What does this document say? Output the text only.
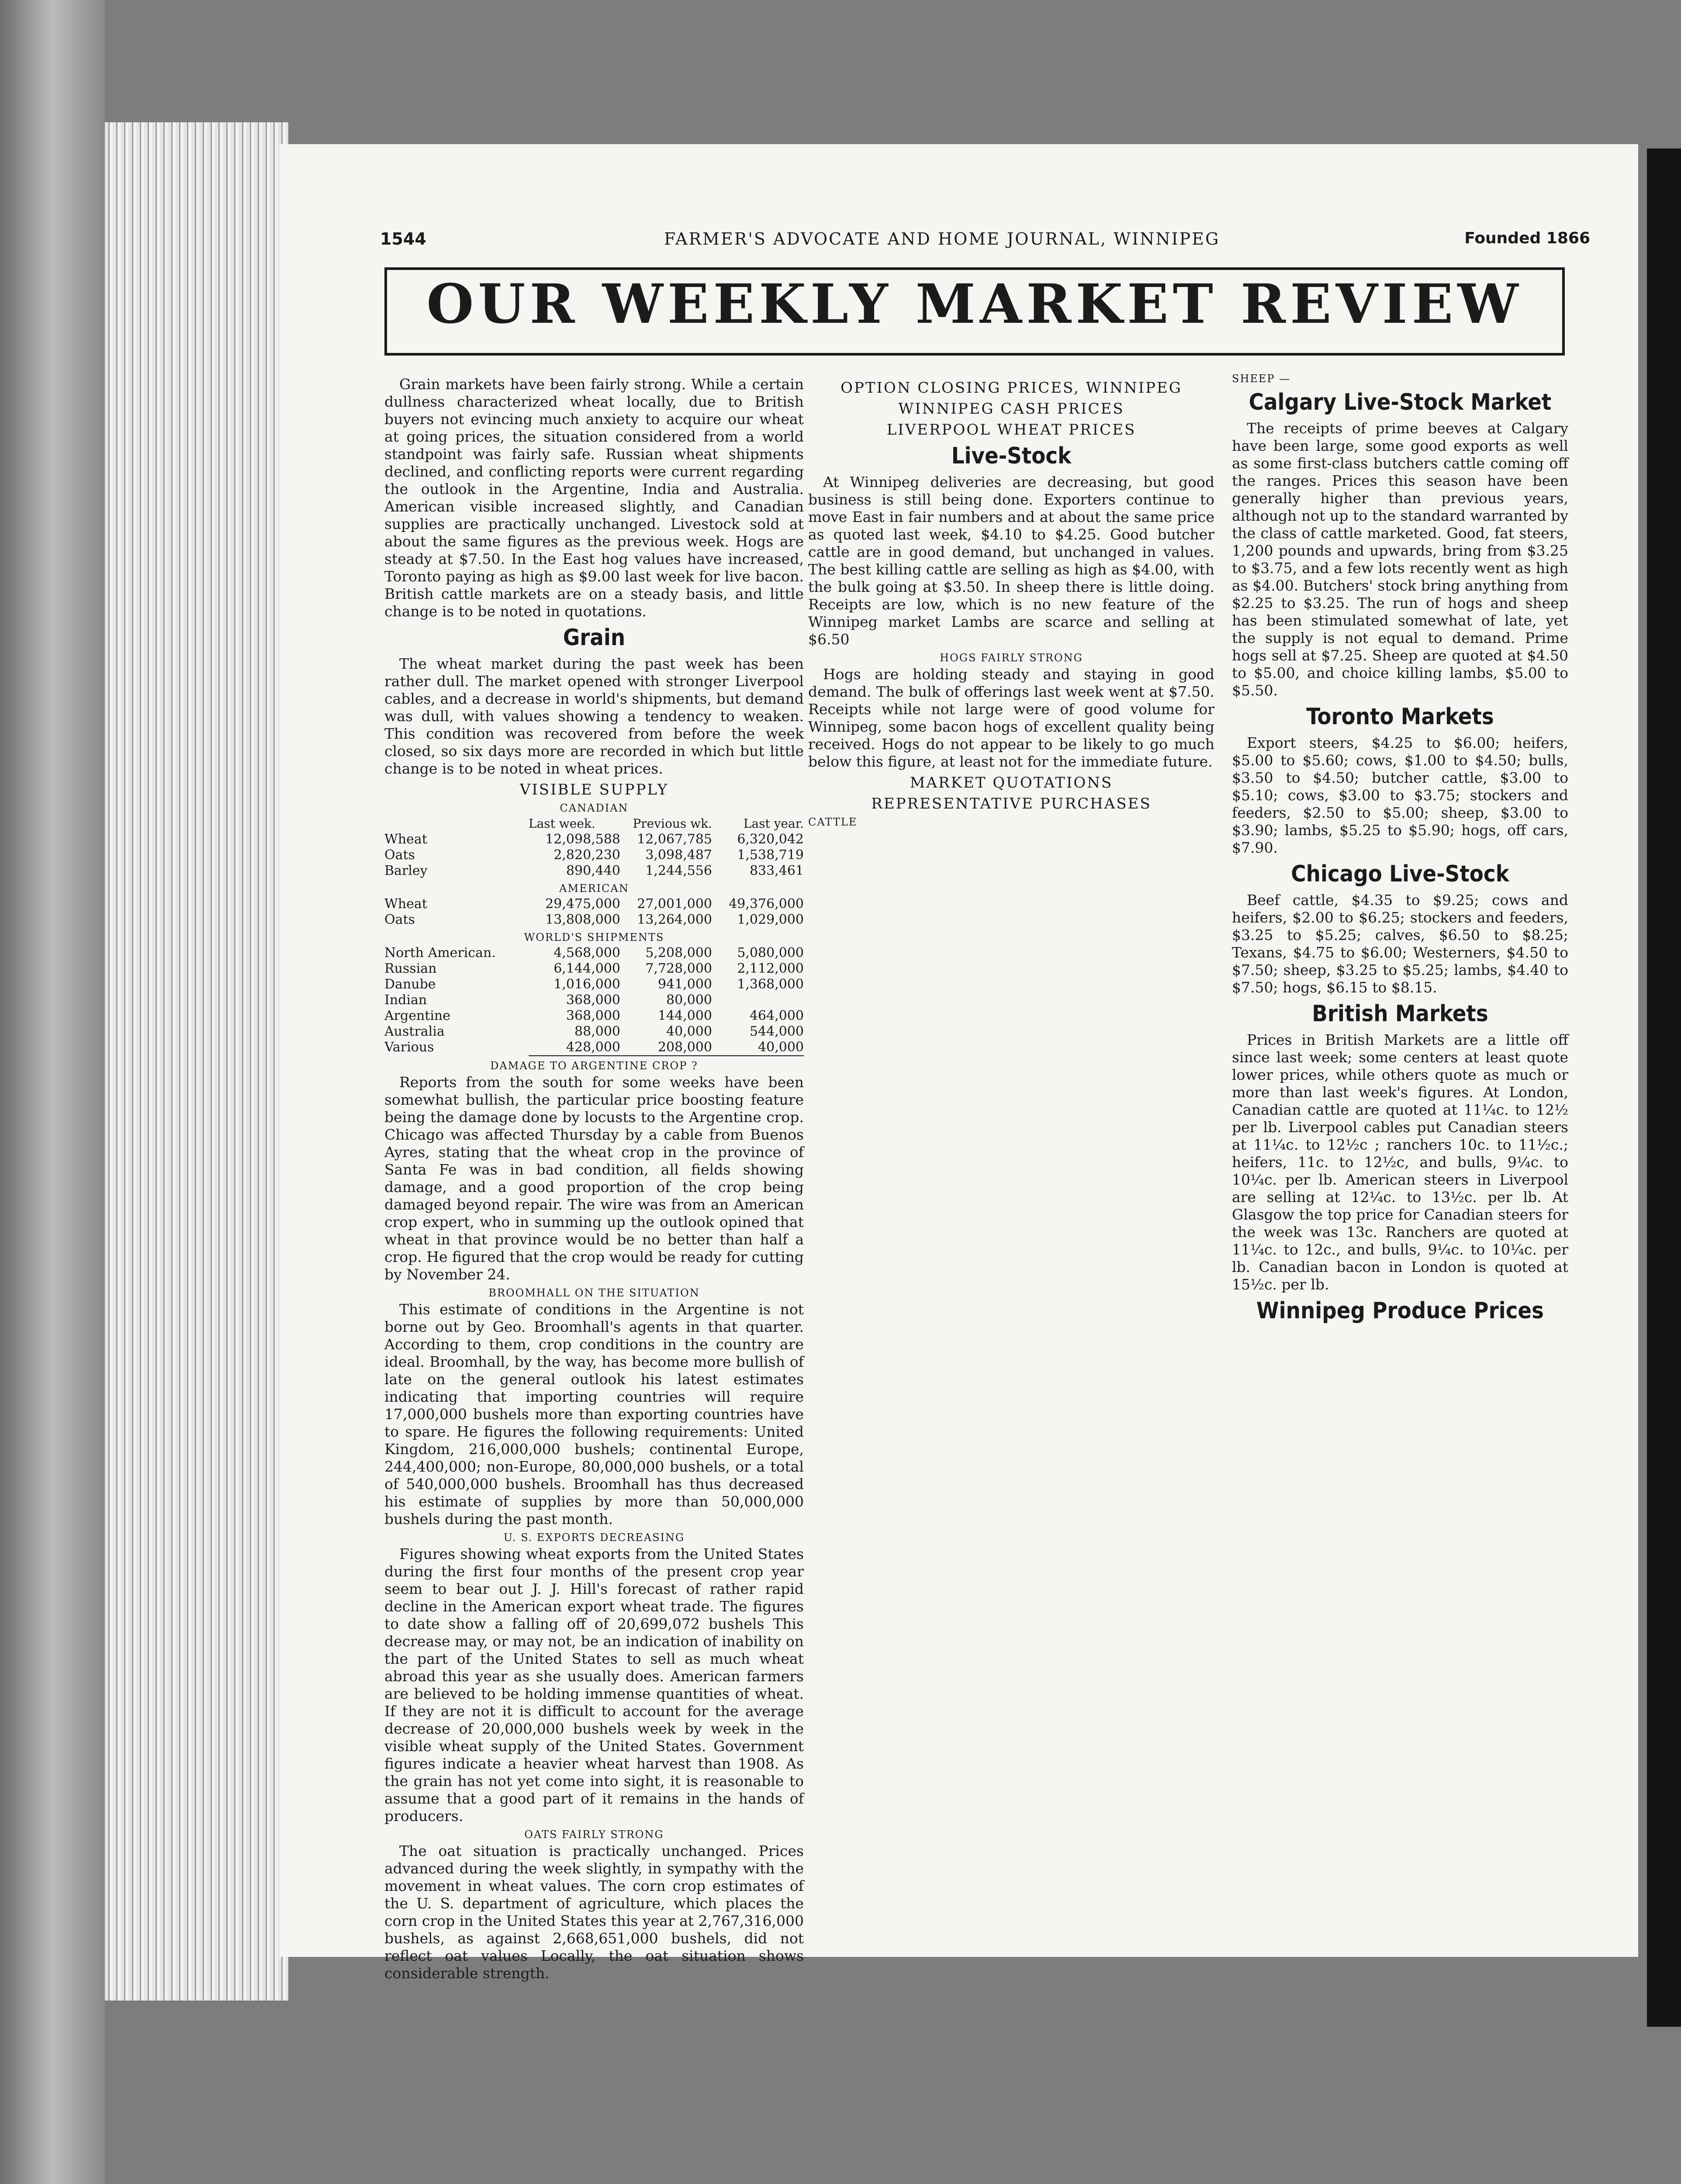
1544	FARMER'S ADVOCATE AND HOME JOURNAL, WINNIPEG	Founded 1866
OUR WEEKLY MARKET REVIEW

Grain markets have been fairly strong. While a certain dullness characterized wheat locally, due to British buyers not evincing much anxiety to acquire our wheat at going prices, the situation considered from a world standpoint was fairly safe. Russian wheat shipments declined, and conflicting reports were current regarding the outlook in the Argentine, India and Australia. American visible increased slightly, and Canadian supplies are practically unchanged. Livestock sold at about the same figures as the previous week. Hogs are steady at $7.50. In the East hog values have increased, Toronto paying as high as $9.00 last week for live bacon. British cattle markets are on a steady basis, and little change is to be noted in quotations.

Grain

The wheat market during the past week has been rather dull. The market opened with stronger Liverpool cables, and a decrease in world's shipments, but demand was dull, with values showing a tendency to weaken. This condition was recovered from before the week closed, so six days more are recorded in which but little change is to be noted in wheat prices.

VISIBLE SUPPLY
CANADIAN
Last week.	Previous wk.	Last year.
Wheat	12,098,588	12,067,785	6,320,042
Oats	2,820,230	3,098,487	1,538,719
Barley	890,440	1,244,556	833,461
AMERICAN
Wheat	29,475,000	27,001,000	49,376,000
Oats	13,808,000	13,264,000	1,029,000
WORLD'S SHIPMENTS
North American.	4,568,000	5,208,000	5,080,000
Russian	6,144,000	7,728,000	2,112,000
Danube	1,016,000	941,000	1,368,000
Indian	368,000	80,000
Argentine	368,000	144,000	464,000
Australia	88,000	40,000	544,000
Various	428,000	208,000	40,000
DAMAGE TO ARGENTINE CROP ?

Reports from the south for some weeks have been somewhat bullish, the particular price boosting feature being the damage done by locusts to the Argentine crop. Chicago was affected Thursday by a cable from Buenos Ayres, stating that the wheat crop in the province of Santa Fe was in bad condition, all fields showing damage, and a good proportion of the crop being damaged beyond repair. The wire was from an American crop expert, who in summing up the outlook opined that wheat in that province would be no better than half a crop. He figured that the crop would be ready for cutting by November 24.

BROOMHALL ON THE SITUATION

This estimate of conditions in the Argentine is not borne out by Geo. Broomhall's agents in that quarter. According to them, crop conditions in the country are ideal. Broomhall, by the way, has become more bullish of late on the general outlook his latest estimates indicating that importing countries will require 17,000,000 bushels more than exporting countries have to spare. He figures the following requirements: United Kingdom, 216,000,000 bushels; continental Europe, 244,400,000; non-Europe, 80,000,000 bushels, or a total of 540,000,000 bushels. Broomhall has thus decreased his estimate of supplies by more than 50,000,000 bushels during the past month.

U. S. EXPORTS DECREASING

Figures showing wheat exports from the United States during the first four months of the present crop year seem to bear out J. J. Hill's forecast of rather rapid decline in the American export wheat trade. The figures to date show a falling off of 20,699,072 bushels This decrease may, or may not, be an indication of inability on the part of the United States to sell as much wheat abroad this year as she usually does. American farmers are believed to be holding immense quantities of wheat. If they are not it is difficult to account for the average decrease of 20,000,000 bushels week by week in the visible wheat supply of the United States. Government figures indicate a heavier wheat harvest than 1908. As the grain has not yet come into sight, it is reasonable to assume that a good part of it remains in the hands of producers.

OATS FAIRLY STRONG

The oat situation is practically unchanged. Prices advanced during the week slightly, in sympathy with the movement in wheat values. The corn crop estimates of the U. S. department of agriculture, which places the corn crop in the United States this year at 2,767,316,000 bushels, as against 2,668,651,000 bushels, did not reflect oat values Locally, the oat situation shows considerable strength.

OPTION CLOSING PRICES, WINNIPEG
WINNIPEG CASH PRICES
LIVERPOOL WHEAT PRICES
Live-Stock

At Winnipeg deliveries are decreasing, but good business is still being done. Exporters continue to move East in fair numbers and at about the same price as quoted last week, $4.10 to $4.25. Good butcher cattle are in good demand, but unchanged in values. The best killing cattle are selling as high as $4.00, with the bulk going at $3.50. In sheep there is little doing. Receipts are low, which is no new feature of the Winnipeg market Lambs are scarce and selling at $6.50

HOGS FAIRLY STRONG

Hogs are holding steady and staying in good demand. The bulk of offerings last week went at $7.50. Receipts while not large were of good volume for Winnipeg, some bacon hogs of excellent quality being received. Hogs do not appear to be likely to go much below this figure, at least not for the immediate future.

MARKET QUOTATIONS
REPRESENTATIVE PURCHASES
CATTLE
SHEEP —
Calgary Live-Stock Market

The receipts of prime beeves at Calgary have been large, some good exports as well as some first-class butchers cattle coming off the ranges. Prices this season have been generally higher than previous years, although not up to the standard warranted by the class of cattle marketed. Good, fat steers, 1,200 pounds and upwards, bring from $3.25 to $3.75, and a few lots recently went as high as $4.00. Butchers' stock bring anything from $2.25 to $3.25. The run of hogs and sheep has been stimulated somewhat of late, yet the supply is not equal to demand. Prime hogs sell at $7.25. Sheep are quoted at $4.50 to $5.00, and choice killing lambs, $5.00 to $5.50.

Toronto Markets

Export steers, $4.25 to $6.00; heifers, $5.00 to $5.60; cows, $1.00 to $4.50; bulls, $3.50 to $4.50; butcher cattle, $3.00 to $5.10; cows, $3.00 to $3.75; stockers and feeders, $2.50 to $5.00; sheep, $3.00 to $3.90; lambs, $5.25 to $5.90; hogs, off cars, $7.90.

Chicago Live-Stock

Beef cattle, $4.35 to $9.25; cows and heifers, $2.00 to $6.25; stockers and feeders, $3.25 to $5.25; calves, $6.50 to $8.25; Texans, $4.75 to $6.00; Westerners, $4.50 to $7.50; sheep, $3.25 to $5.25; lambs, $4.40 to $7.50; hogs, $6.15 to $8.15.

British Markets

Prices in British Markets are a little off since last week; some centers at least quote lower prices, while others quote as much or more than last week's figures. At London, Canadian cattle are quoted at 11¼c. to 12½ per lb. Liverpool cables put Canadian steers at 11¼c. to 12½c ; ranchers 10c. to 11½c.; heifers, 11c. to 12½c, and bulls, 9¼c. to 10¼c. per lb. American steers in Liverpool are selling at 12¼c. to 13½c. per lb. At Glasgow the top price for Canadian steers for the week was 13c. Ranchers are quoted at 11¼c. to 12c., and bulls, 9¼c. to 10¼c. per lb. Canadian bacon in London is quoted at 15½c. per lb.

Winnipeg Produce Prices
